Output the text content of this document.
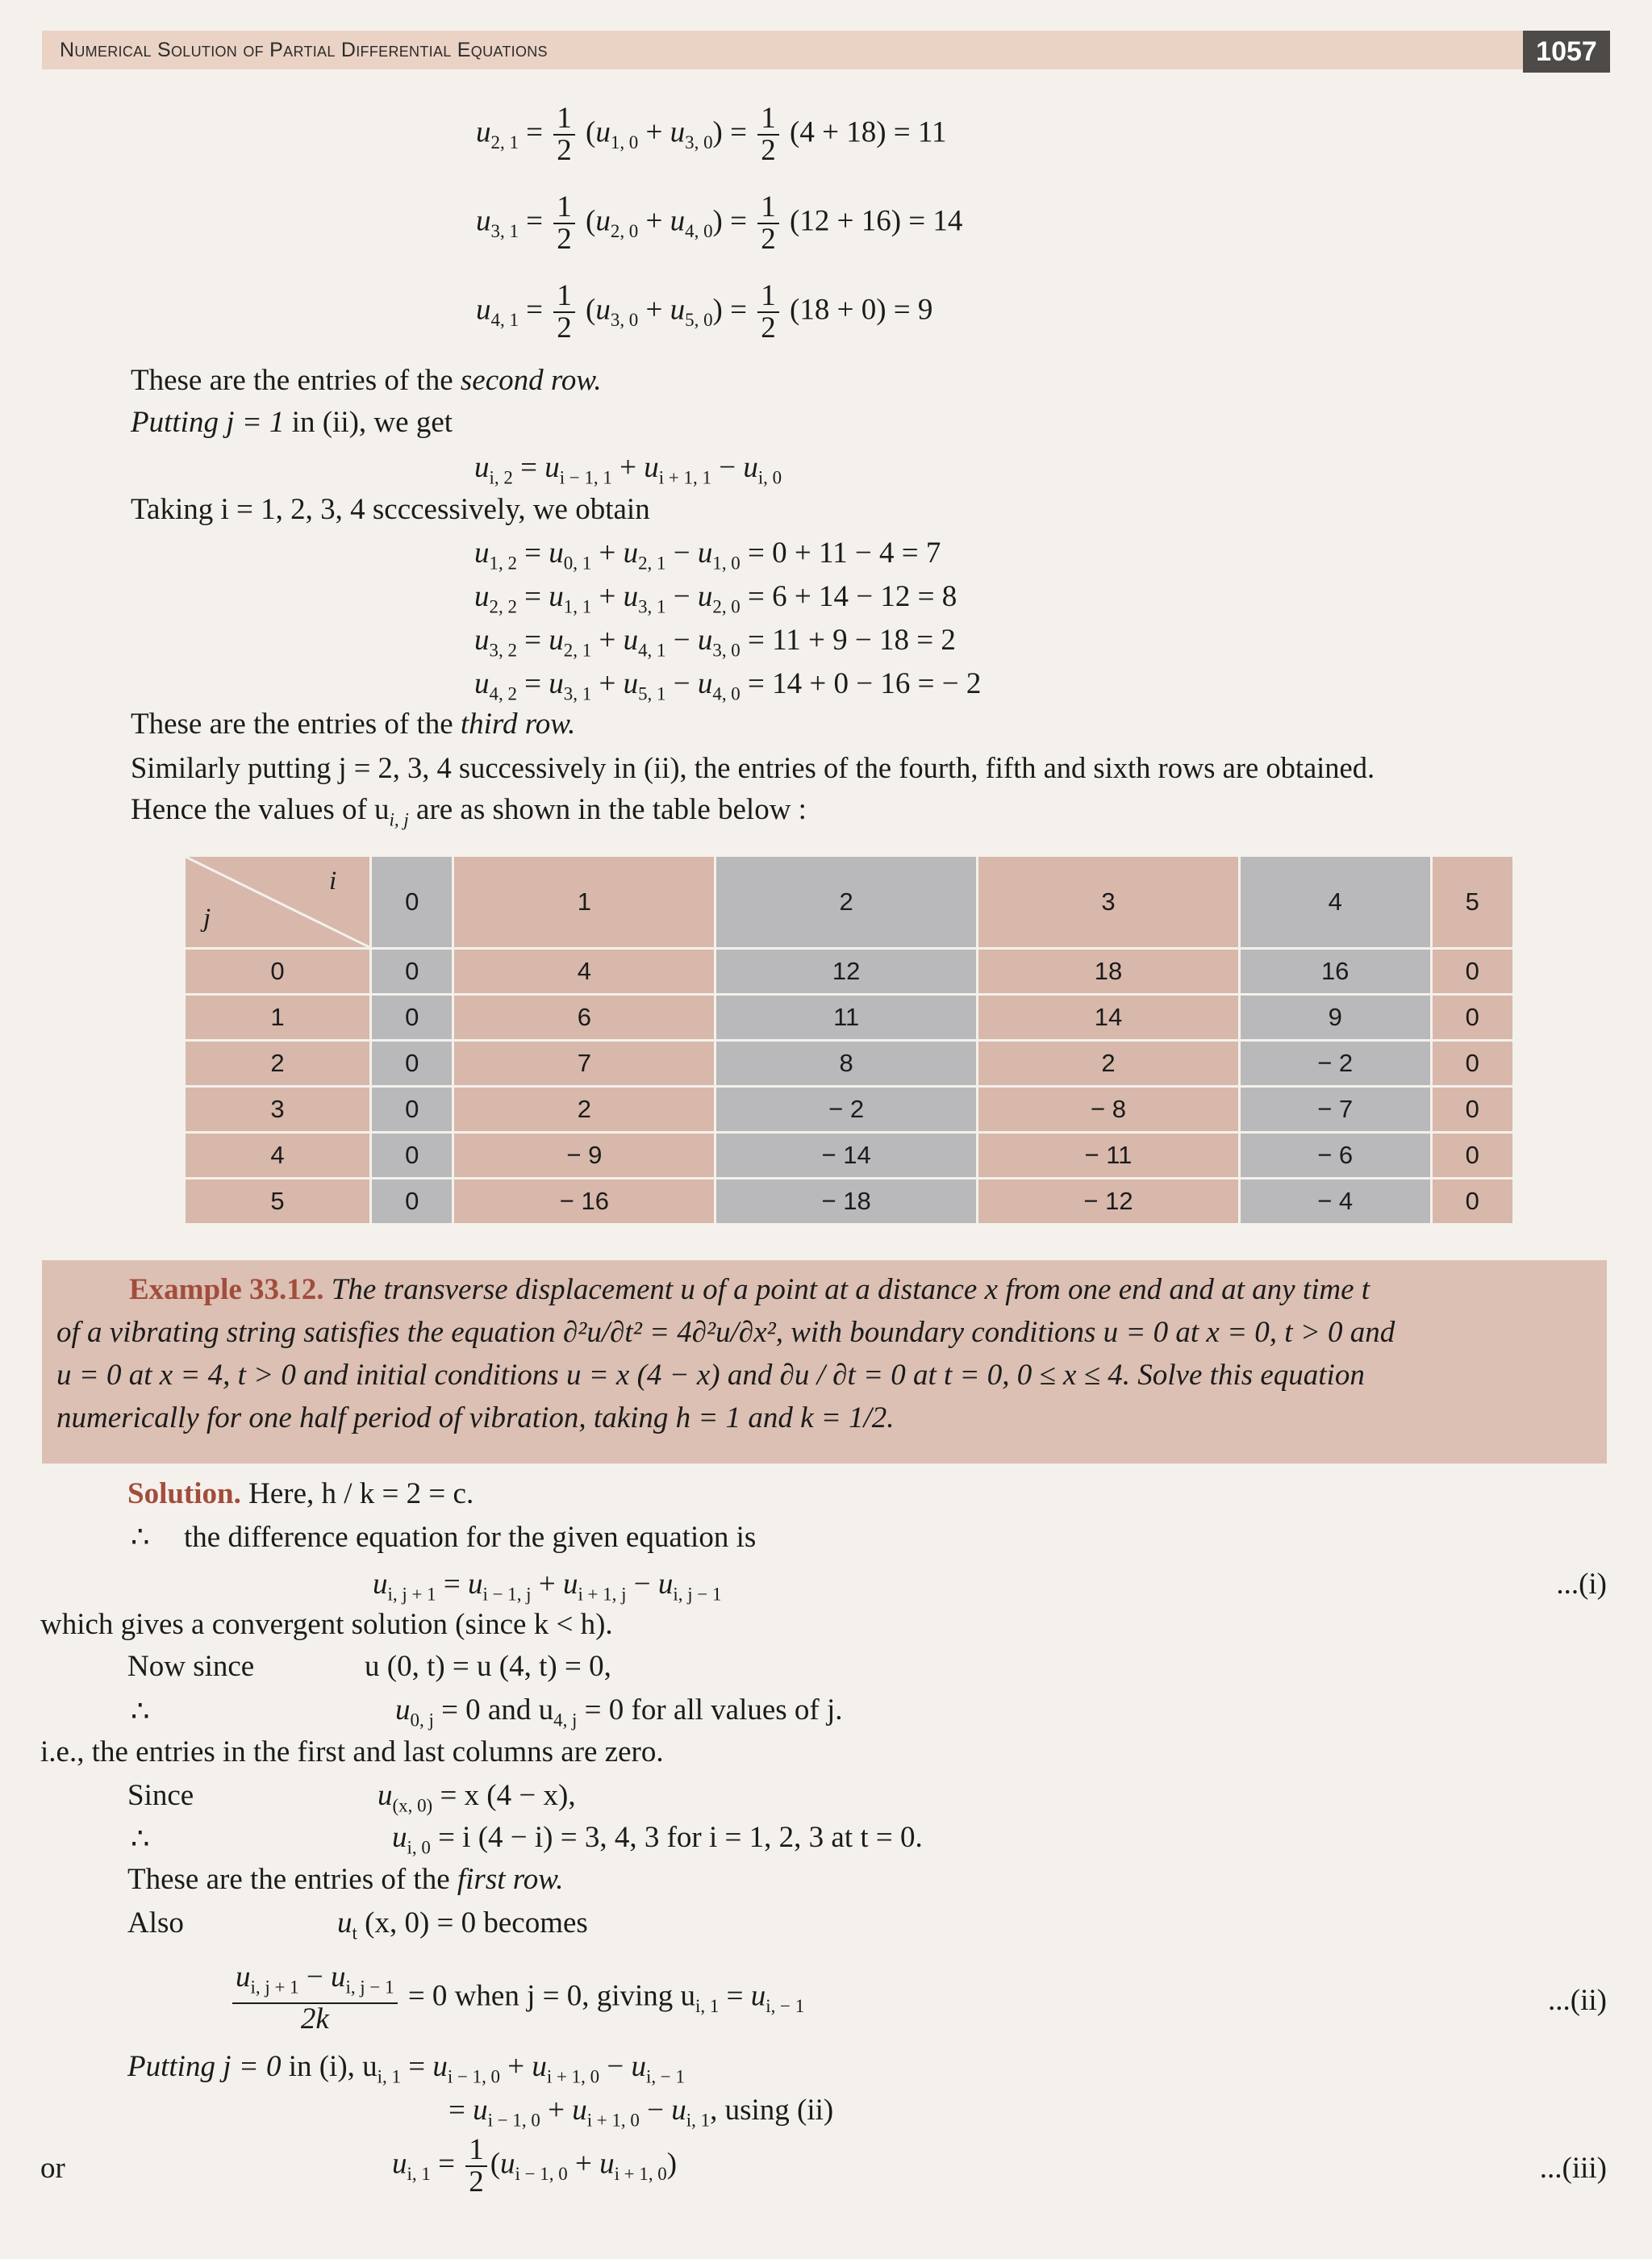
Numerical Solution of Partial Differential Equations	1057
$u_{2, 1} = \frac{1}{2} (u_{1, 0} + u_{3, 0}) = \frac{1}{2} (4 + 18) = 11$
$u_{3, 1} = \frac{1}{2} (u_{2, 0} + u_{4, 0}) = \frac{1}{2} (12 + 16) = 14$
$u_{4, 1} = \frac{1}{2} (u_{3, 0} + u_{5, 0}) = \frac{1}{2} (18 + 0) = 9$
These are the entries of the second row.
Putting j = 1 in (ii), we get
$u_{i, 2} = u_{i - 1, 1} + u_{i + 1, 1} - u_{i, 0}$
Taking i = 1, 2, 3, 4 scccessively, we obtain
$u_{1, 2} = u_{0, 1} + u_{2, 1} - u_{1, 0} = 0 + 11 - 4 = 7$
$u_{2, 2} = u_{1, 1} + u_{3, 1} - u_{2, 0} = 6 + 14 - 12 = 8$
$u_{3, 2} = u_{2, 1} + u_{4, 1} - u_{3, 0} = 11 + 9 - 18 = 2$
$u_{4, 2} = u_{3, 1} + u_{5, 1} - u_{4, 0} = 14 + 0 - 16$ = − 2
These are the entries of the third row.
Similarly putting j = 2, 3, 4 successively in (ii), the entries of the fourth, fifth and sixth rows are obtained.
Hence the values of $u_{i, j}$ are as shown in the table below :
i
j	0	1	2	3	4	5
0	0	4	12	18	16	0
1	0	6	11	14	9	0
2	0	7	8	2	− 2	0
3	0	2	− 2	− 8	− 7	0
4	0	− 9	− 14	− 11	− 6	0
5	0	− 16	− 18	− 12	− 4	0
Example 33.12. The transverse displacement u of a point at a distance x from one end and at any time t
of a vibrating string satisfies the equation ∂²u/∂t² = 4∂²u/∂x², with boundary conditions u = 0 at x = 0, t > 0 and
u = 0 at x = 4, t > 0 and initial conditions u = x (4 − x) and ∂u / ∂t = 0 at t = 0, 0 ≤ x ≤ 4. Solve this equation
numerically for one half period of vibration, taking h = 1 and k = 1/2.
Solution. Here, h / k = 2 = c.
∴ the difference equation for the given equation is
$u_{i, j + 1} = u_{i - 1, j} + u_{i + 1, j} - u_{i, j - 1}$	...(i)
which gives a convergent solution (since k < h).
Now since	u (0, t) = u (4, t) = 0,
∴	$u_{0, j} = 0$ and $u_{4, j} = 0$ for all values of j.
i.e., the entries in the first and last columns are zero.
Since	$u_{(x, 0)} = x$ (4 − x),
∴	$u_{i, 0} = i$ (4 − i) = 3, 4, 3 for i = 1, 2, 3 at t = 0.
These are the entries of the first row.
Also	$u_t$ (x, 0) = 0 becomes
$\frac{u_{i, j + 1} - u_{i, j - 1}}{2k} = 0$ when j = 0, giving $u_{i, 1} = u_{i, - 1}$	...(ii)
Putting j = 0 in (i), $u_{i, 1} = u_{i - 1, 0} + u_{i + 1, 0} - u_{i, - 1}$
= $u_{i - 1, 0} + u_{i + 1, 0} - u_{i, 1}$, using (ii)
or	$u_{i, 1} = \frac{1}{2} (u_{i - 1, 0} + u_{i + 1, 0})$	...(iii)
